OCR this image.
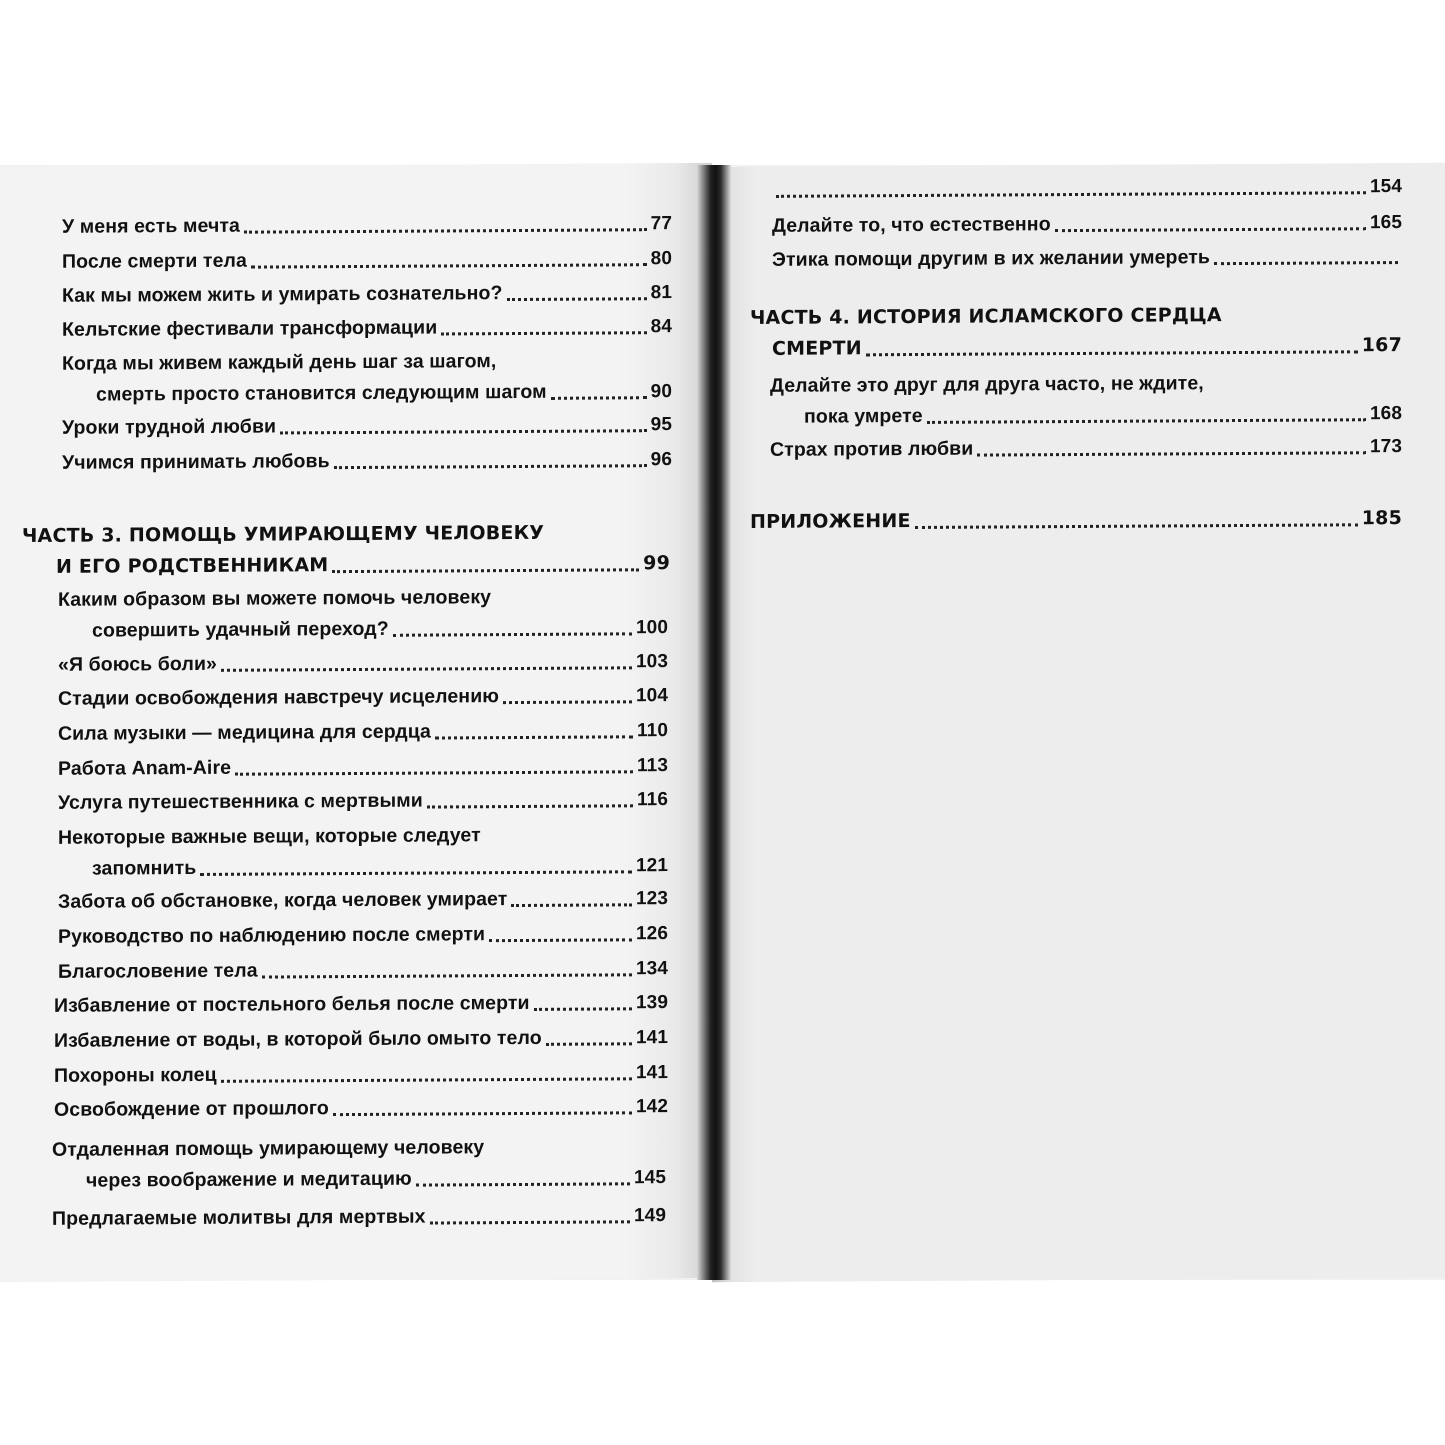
У меня есть мечта	77
После смерти тела	80
Как мы можем жить и умирать сознательно?	81
Кельтские фестивали трансформации	84
Когда мы живем каждый день шаг за шагом,
смерть просто становится следующим шагом	90
Уроки трудной любви	95
Учимся принимать любовь	96
ЧАСТЬ 3. ПОМОЩЬ УМИРАЮЩЕМУ ЧЕЛОВЕКУ
И ЕГО РОДСТВЕННИКАМ	99
Каким образом вы можете помочь человеку
совершить удачный переход?	100
«Я боюсь боли»	103
Стадии освобождения навстречу исцелению	104
Сила музыки — медицина для сердца	110
Работа Anam-Aire	113
Услуга путешественника с мертвыми	116
Некоторые важные вещи, которые следует
запомнить	121
Забота об обстановке, когда человек умирает	123
Руководство по наблюдению после смерти	126
Благословение тела	134
Избавление от постельного белья после смерти	139
Избавление от воды, в которой было омыто тело	141
Похороны колец	141
Освобождение от прошлого	142
Отдаленная помощь умирающему человеку
через воображение и медитацию	145
Предлагаемые молитвы для мертвых	149
154
Делайте то, что естественно	165
Этика помощи другим в их желании умереть
ЧАСТЬ 4. ИСТОРИЯ ИСЛАМСКОГО СЕРДЦА
СМЕРТИ	167
Делайте это друг для друга часто, не ждите,
пока умрете	168
Страх против любви	173
ПРИЛОЖЕНИЕ	185
